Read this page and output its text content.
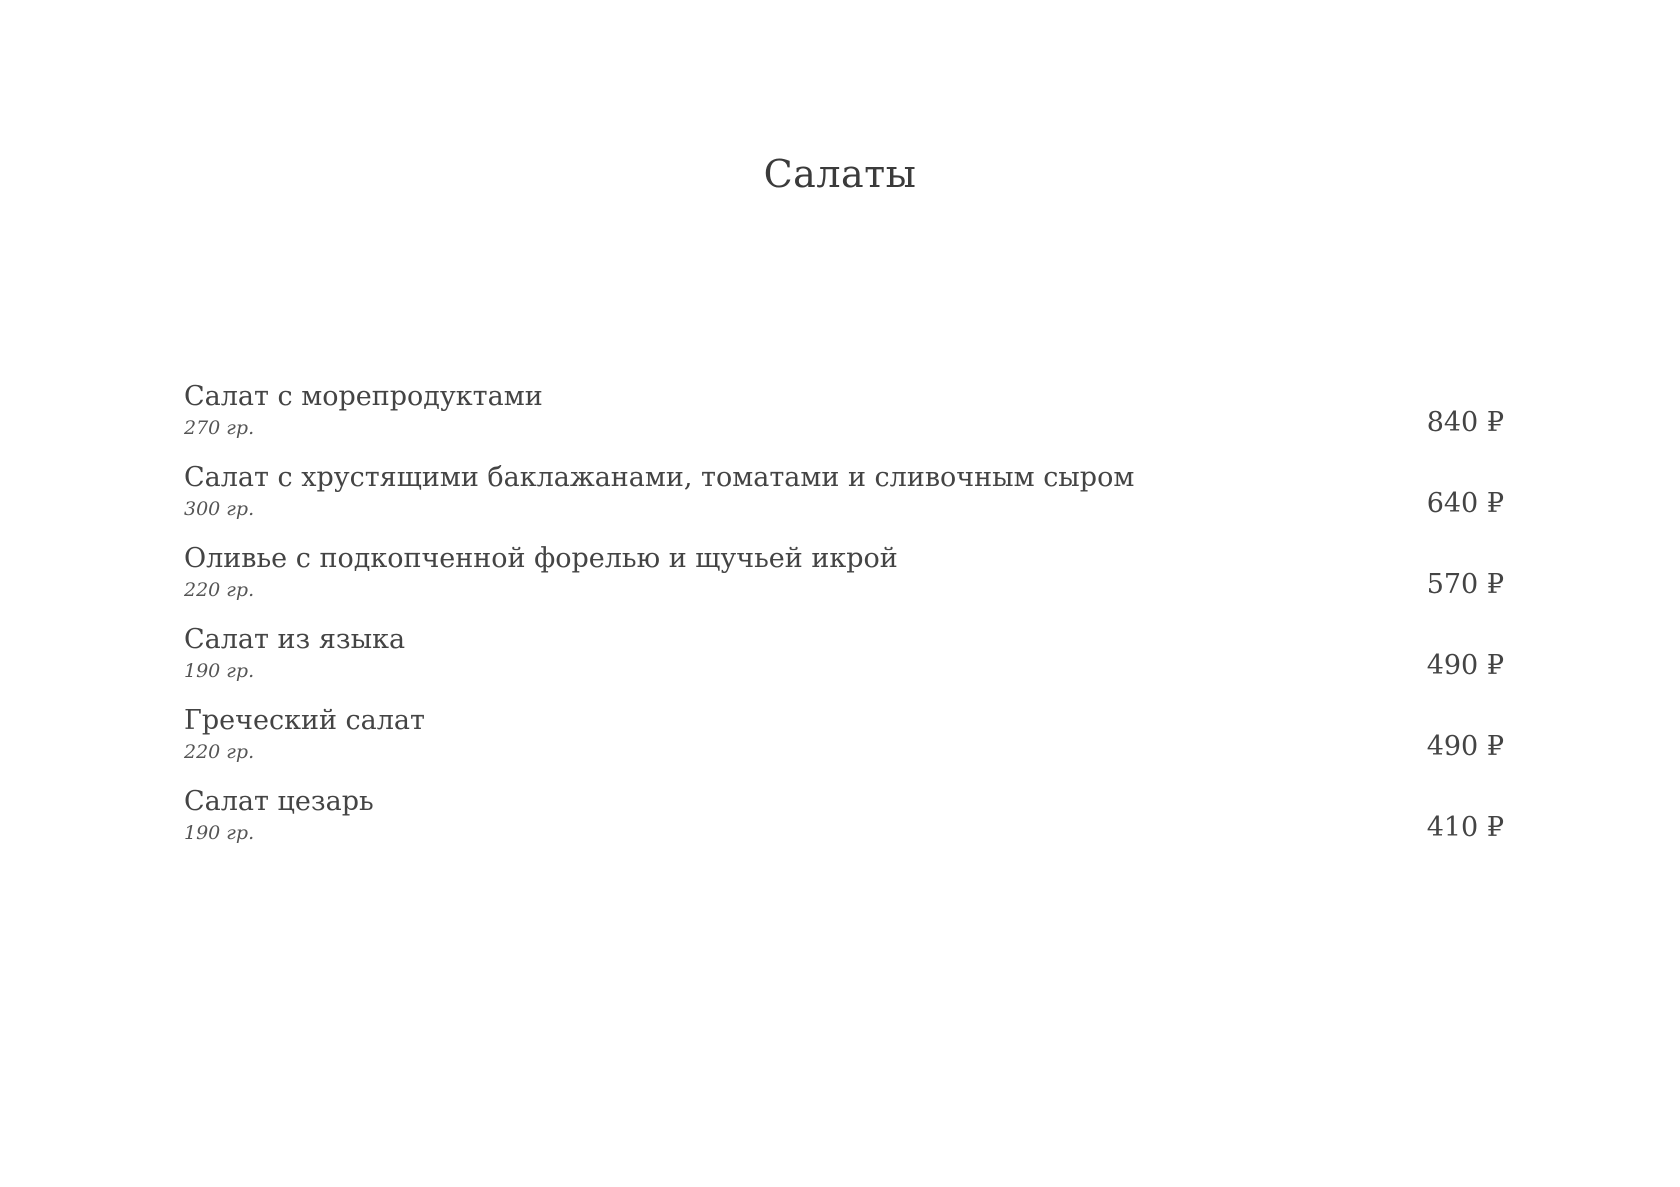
Салаты
Салат с морепродуктами
270 гр.	840 ₽
Салат с хрустящими баклажанами, томатами и сливочным сыром
300 гр.	640 ₽
Оливье с подкопченной форелью и щучьей икрой
220 гр.	570 ₽
Салат из языка
190 гр.	490 ₽
Греческий салат
220 гр.	490 ₽
Салат цезарь
190 гр.	410 ₽
